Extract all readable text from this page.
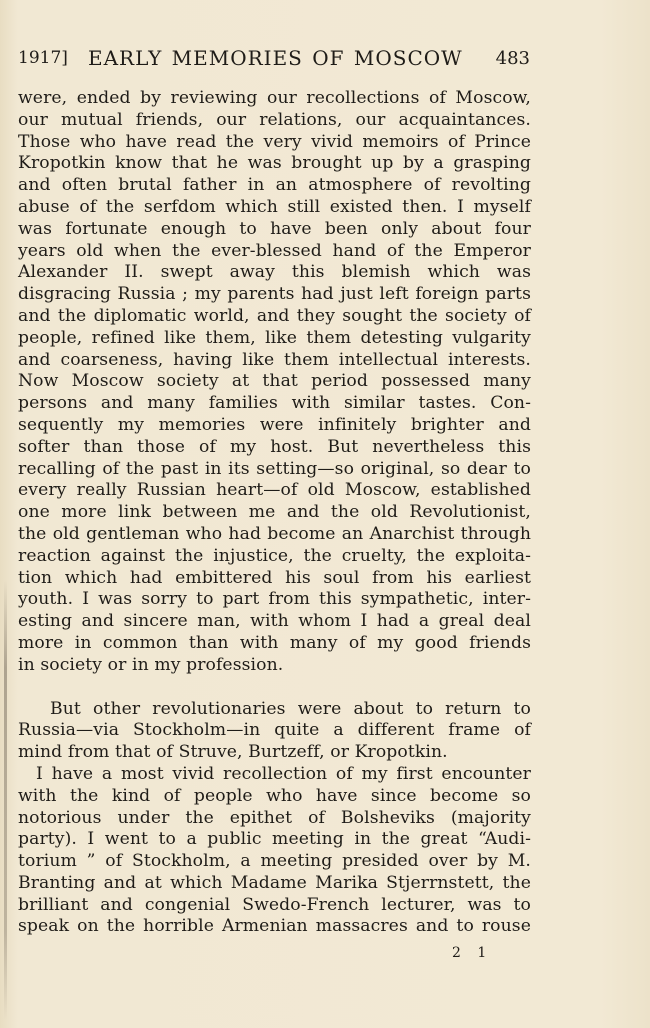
1917] EARLY MEMORIES OF MOSCOW 483
were, ended by reviewing our recollections of Moscow,
our mutual friends, our relations, our acquaintances.
Those who have read the very vivid memoirs of Prince
Kropotkin know that he was brought up by a grasping
and often brutal father in an atmosphere of revolting
abuse of the serfdom which still existed then. I myself
was fortunate enough to have been only about four
years old when the ever-blessed hand of the Emperor
Alexander II. swept away this blemish which was
disgracing Russia ; my parents had just left foreign parts
and the diplomatic world, and they sought the society of
people, refined like them, like them detesting vulgarity
and coarseness, having like them intellectual interests.
Now Moscow society at that period possessed many
persons and many families with similar tastes. Con-
sequently my memories were infinitely brighter and
softer than those of my host. But nevertheless this
recalling of the past in its setting—so original, so dear to
every really Russian heart—of old Moscow, established
one more link between me and the old Revolutionist,
the old gentleman who had become an Anarchist through
reaction against the injustice, the cruelty, the exploita-
tion which had embittered his soul from his earliest
youth. I was sorry to part from this sympathetic, inter-
esting and sincere man, with whom I had a greal deal
more in common than with many of my good friends
in society or in my profession.
But other revolutionaries were about to return to
Russia—via Stockholm—in quite a different frame of
mind from that of Struve, Burtzeff, or Kropotkin.
I have a most vivid recollection of my first encounter
with the kind of people who have since become so
notorious under the epithet of Bolsheviks (majority
party). I went to a public meeting in the great “Audi-
torium ” of Stockholm, a meeting presided over by M.
Branting and at which Madame Marika Stjerrnstett, the
brilliant and congenial Swedo-French lecturer, was to
speak on the horrible Armenian massacres and to rouse
2 1
